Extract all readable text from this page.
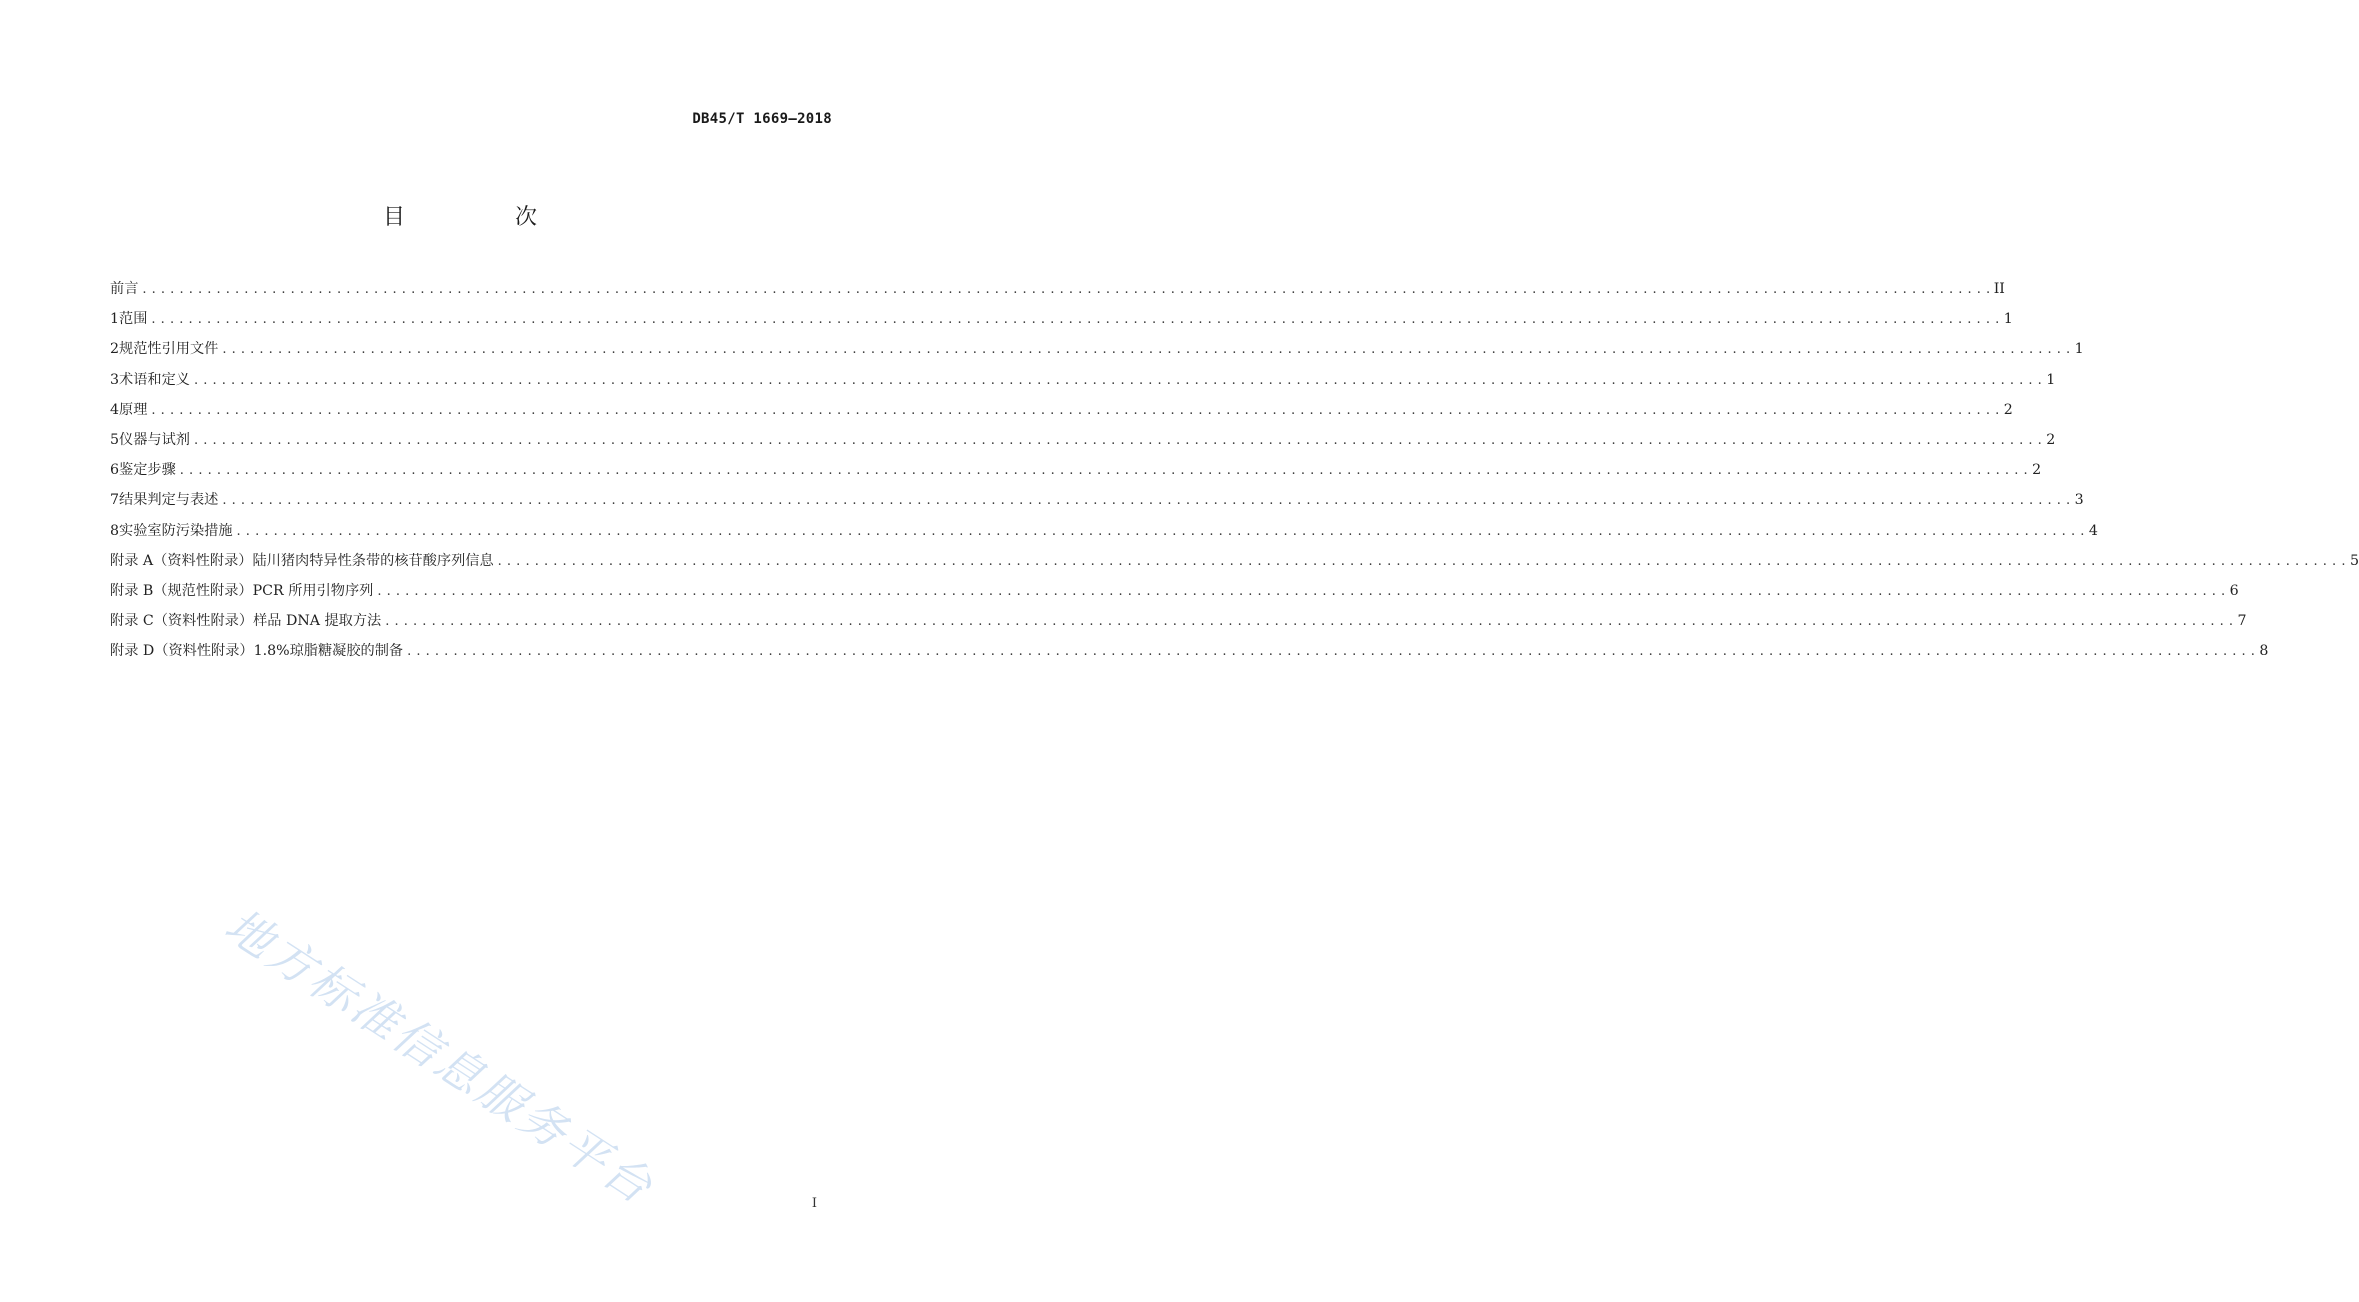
DB45/T 1669—2018
目　次
前言 . . . . . . . . . . . . . . . . . . . . . . . . . . . . . . . . . . . . . . . . . . . . . . . . . . . . . . . . . . . . . . . . . . . . . . . . . . . . . . . . . . . . . . . . . . . . . . . . . . . . . . . . . . . . . . . . . . . . . . . . . . . . . . . . . . . . . . . . . . . . . . . . . . . . . . . . . . . . . . . . . . . . . . . . . . . . . . . . . . . . . . . . . . . . . . . . . . . . . . . . II
1 范围 . . . . . . . . . . . . . . . . . . . . . . . . . . . . . . . . . . . . . . . . . . . . . . . . . . . . . . . . . . . . . . . . . . . . . . . . . . . . . . . . . . . . . . . . . . . . . . . . . . . . . . . . . . . . . . . . . . . . . . . . . . . . . . . . . . . . . . . . . . . . . . . . . . . . . . . . . . . . . . . . . . . . . . . . . . . . . . . . . . . . . . . . . . . . . . . . . . . . . . . . 1
2 规范性引用文件 . . . . . . . . . . . . . . . . . . . . . . . . . . . . . . . . . . . . . . . . . . . . . . . . . . . . . . . . . . . . . . . . . . . . . . . . . . . . . . . . . . . . . . . . . . . . . . . . . . . . . . . . . . . . . . . . . . . . . . . . . . . . . . . . . . . . . . . . . . . . . . . . . . . . . . . . . . . . . . . . . . . . . . . . . . . . . . . . . . . . . . . . . . . . . . . . . . . . . . . . 1
3 术语和定义 . . . . . . . . . . . . . . . . . . . . . . . . . . . . . . . . . . . . . . . . . . . . . . . . . . . . . . . . . . . . . . . . . . . . . . . . . . . . . . . . . . . . . . . . . . . . . . . . . . . . . . . . . . . . . . . . . . . . . . . . . . . . . . . . . . . . . . . . . . . . . . . . . . . . . . . . . . . . . . . . . . . . . . . . . . . . . . . . . . . . . . . . . . . . . . . . . . . . . . . . 1
4 原理 . . . . . . . . . . . . . . . . . . . . . . . . . . . . . . . . . . . . . . . . . . . . . . . . . . . . . . . . . . . . . . . . . . . . . . . . . . . . . . . . . . . . . . . . . . . . . . . . . . . . . . . . . . . . . . . . . . . . . . . . . . . . . . . . . . . . . . . . . . . . . . . . . . . . . . . . . . . . . . . . . . . . . . . . . . . . . . . . . . . . . . . . . . . . . . . . . . . . . . . . 2
5 仪器与试剂 . . . . . . . . . . . . . . . . . . . . . . . . . . . . . . . . . . . . . . . . . . . . . . . . . . . . . . . . . . . . . . . . . . . . . . . . . . . . . . . . . . . . . . . . . . . . . . . . . . . . . . . . . . . . . . . . . . . . . . . . . . . . . . . . . . . . . . . . . . . . . . . . . . . . . . . . . . . . . . . . . . . . . . . . . . . . . . . . . . . . . . . . . . . . . . . . . . . . . . . . 2
6 鉴定步骤 . . . . . . . . . . . . . . . . . . . . . . . . . . . . . . . . . . . . . . . . . . . . . . . . . . . . . . . . . . . . . . . . . . . . . . . . . . . . . . . . . . . . . . . . . . . . . . . . . . . . . . . . . . . . . . . . . . . . . . . . . . . . . . . . . . . . . . . . . . . . . . . . . . . . . . . . . . . . . . . . . . . . . . . . . . . . . . . . . . . . . . . . . . . . . . . . . . . . . . . . 2
7 结果判定与表述 . . . . . . . . . . . . . . . . . . . . . . . . . . . . . . . . . . . . . . . . . . . . . . . . . . . . . . . . . . . . . . . . . . . . . . . . . . . . . . . . . . . . . . . . . . . . . . . . . . . . . . . . . . . . . . . . . . . . . . . . . . . . . . . . . . . . . . . . . . . . . . . . . . . . . . . . . . . . . . . . . . . . . . . . . . . . . . . . . . . . . . . . . . . . . . . . . . . . . . . . 3
8 实验室防污染措施 . . . . . . . . . . . . . . . . . . . . . . . . . . . . . . . . . . . . . . . . . . . . . . . . . . . . . . . . . . . . . . . . . . . . . . . . . . . . . . . . . . . . . . . . . . . . . . . . . . . . . . . . . . . . . . . . . . . . . . . . . . . . . . . . . . . . . . . . . . . . . . . . . . . . . . . . . . . . . . . . . . . . . . . . . . . . . . . . . . . . . . . . . . . . . . . . . . . . . . . . 4
附录 A（资料性附录） 陆川猪肉特异性条带的核苷酸序列信息 . . . . . . . . . . . . . . . . . . . . . . . . . . . . . . . . . . . . . . . . . . . . . . . . . . . . . . . . . . . . . . . . . . . . . . . . . . . . . . . . . . . . . . . . . . . . . . . . . . . . . . . . . . . . . . . . . . . . . . . . . . . . . . . . . . . . . . . . . . . . . . . . . . . . . . . . . . . . . . . . . . . . . . . . . . . . . . . . . . . . . . . . . . . . . . . . . . . . . . . . 5
附录 B（规范性附录） PCR 所用引物序列 . . . . . . . . . . . . . . . . . . . . . . . . . . . . . . . . . . . . . . . . . . . . . . . . . . . . . . . . . . . . . . . . . . . . . . . . . . . . . . . . . . . . . . . . . . . . . . . . . . . . . . . . . . . . . . . . . . . . . . . . . . . . . . . . . . . . . . . . . . . . . . . . . . . . . . . . . . . . . . . . . . . . . . . . . . . . . . . . . . . . . . . . . . . . . . . . . . . . . . . . 6
附录 C（资料性附录） 样品 DNA 提取方法 . . . . . . . . . . . . . . . . . . . . . . . . . . . . . . . . . . . . . . . . . . . . . . . . . . . . . . . . . . . . . . . . . . . . . . . . . . . . . . . . . . . . . . . . . . . . . . . . . . . . . . . . . . . . . . . . . . . . . . . . . . . . . . . . . . . . . . . . . . . . . . . . . . . . . . . . . . . . . . . . . . . . . . . . . . . . . . . . . . . . . . . . . . . . . . . . . . . . . . . . 7
附录 D（资料性附录） 1.8%琼脂糖凝胶的制备 . . . . . . . . . . . . . . . . . . . . . . . . . . . . . . . . . . . . . . . . . . . . . . . . . . . . . . . . . . . . . . . . . . . . . . . . . . . . . . . . . . . . . . . . . . . . . . . . . . . . . . . . . . . . . . . . . . . . . . . . . . . . . . . . . . . . . . . . . . . . . . . . . . . . . . . . . . . . . . . . . . . . . . . . . . . . . . . . . . . . . . . . . . . . . . . . . . . . . . . . 8
地方标准信息服务平台	I
